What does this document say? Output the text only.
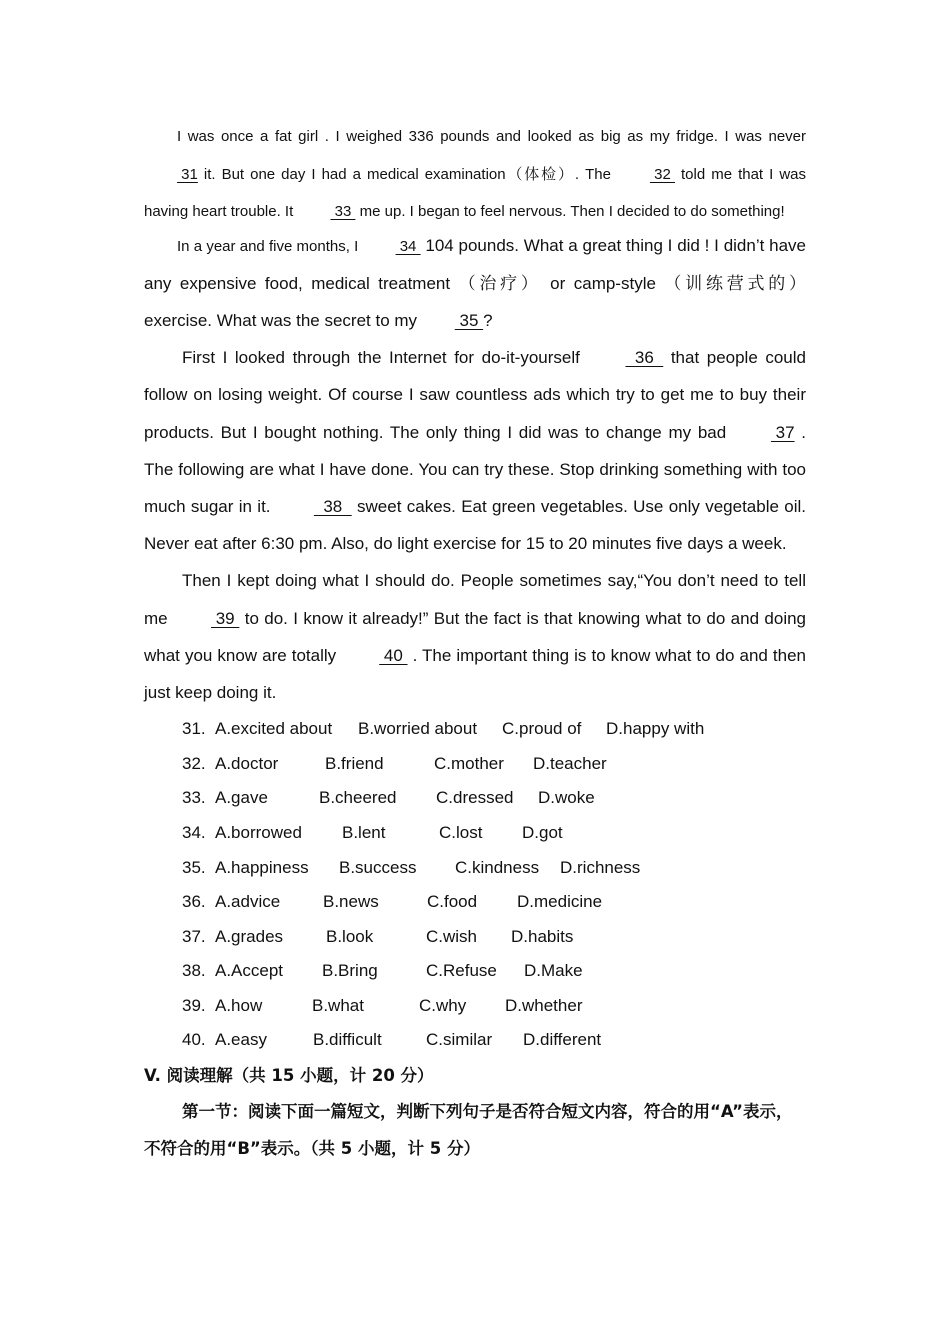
I was once a fat girl . I weighed 336 pounds and looked as big as my fridge. I was never  31 it. But one day I had a medical examination（体检）. The  32  told me that I was having heart trouble. It  33  me up. I began to feel nervous. Then I decided to do something!

In a year and five months, I  34  104 pounds. What a great thing I did ! I didn’t have any expensive food, medical treatment （治疗） or camp-style （训练营式的）exercise. What was the secret to my  35 ?

First I looked through the Internet for do-it-yourself   36   that people could follow on losing weight. Of course I saw countless ads which try to get me to buy their products. But I bought nothing. The only thing I did was to change my bad  37 . The following are what I have done. You can try these. Stop drinking something with too much sugar in it.   38   sweet cakes. Eat green vegetables. Use only vegetable oil. Never eat after 6:30 pm. Also, do light exercise for 15 to 20 minutes five days a week.

Then I kept doing what I should do. People sometimes say,“You don’t need to tell me  39  to do. I know it already!” But the fact is that knowing what to do and doing what you know are totally  40  . The important thing is to know what to do and then just keep doing it.

31. A.excited about B.worried about C.proud of D.happy with
32. A.doctor	B.friend	C.mother D.teacher
33. A.gave	B.cheered C.dressed D.woke
34. A.borrowed B.lent	C.lost D.got
35. A.happiness B.success C.kindness D.richness
36. A.advice	B.news	C.food D.medicine
37. A.grades	B.look	C.wish D.habits
38. A.Accept B.Bring	C.Refuse D.Make
39. A.how	B.what	C.why D.whether
40. A.easy	B.difficult	C.similar D.different

V. 阅读理解（共 15 小题，计 20 分）

第一节：阅读下面一篇短文，判断下列句子是否符合短文内容，符合的用“A”表示，不符合的用“B”表示。（共 5 小题，计 5 分）
